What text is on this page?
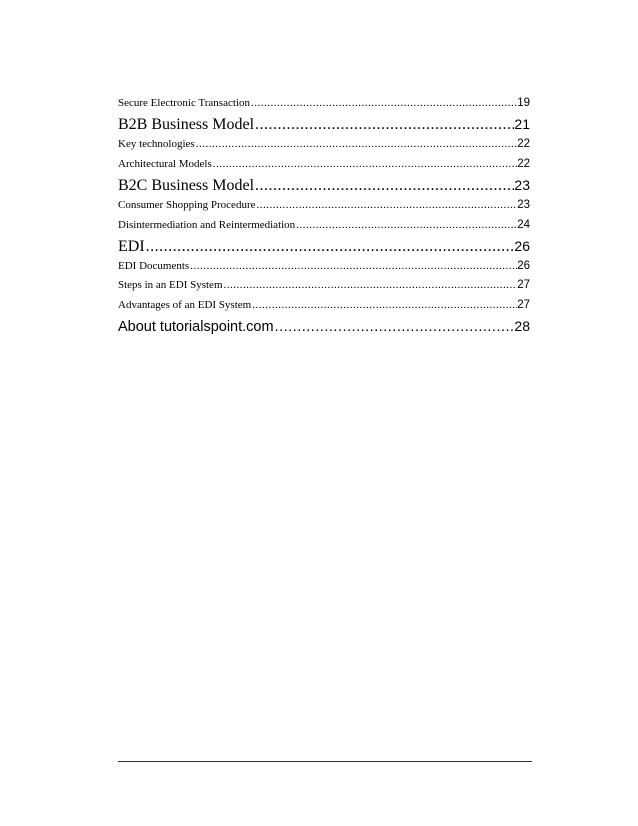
Secure Electronic Transaction .....	19
B2B Business Model .....	21
Key technologies .....	22
Architectural Models .....	22
B2C Business Model .....	23
Consumer Shopping Procedure .....	23
Disintermediation and Reintermediation .....	24
EDI .....	26
EDI Documents .....	26
Steps in an EDI System .....	27
Advantages of an EDI System .....	27
About tutorialspoint.com .....	28
